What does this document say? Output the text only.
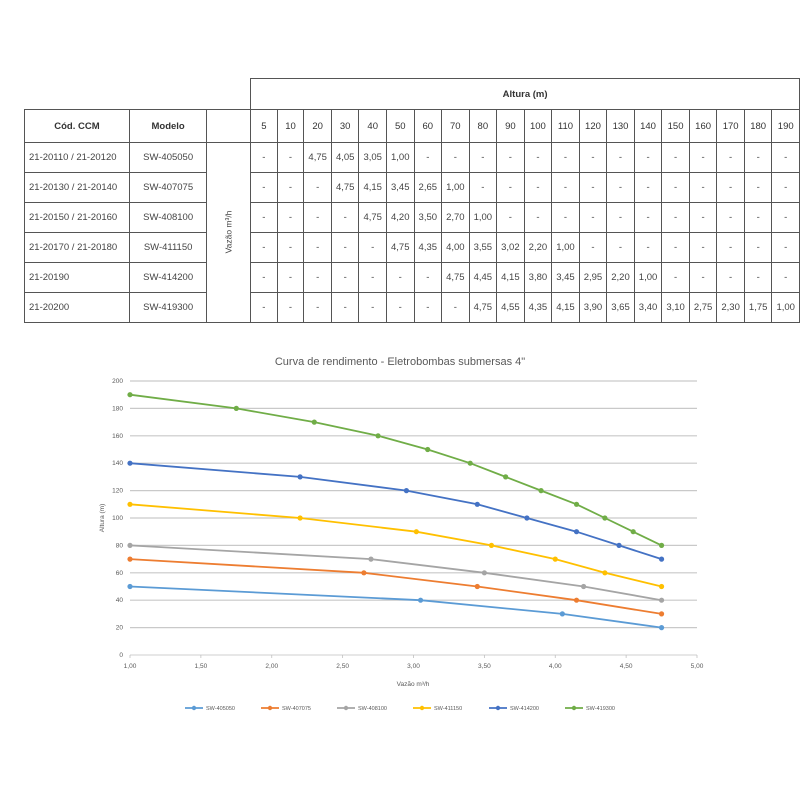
			Altura (m)																			
Cód. CCM	Modelo		5	10	20	30	40	50	60	70	80	90	100	110	120	130	140	150	160	170	180	190
21-20110 / 21-20120	SW-405050	Vazão m³/h	-	-	4,75	4,05	3,05	1,00	-	-	-	-	-	-	-	-	-	-	-	-	-	-
21-20130 / 21-20140	SW-407075		-	-	-	4,75	4,15	3,45	2,65	1,00	-	-	-	-	-	-	-	-	-	-	-	-
21-20150 / 21-20160	SW-408100		-	-	-	-	4,75	4,20	3,50	2,70	1,00	-	-	-	-	-	-	-	-	-	-	-
21-20170 / 21-20180	SW-411150		-	-	-	-	-	4,75	4,35	4,00	3,55	3,02	2,20	1,00	-	-	-	-	-	-	-	-
21-20190	SW-414200		-	-	-	-	-	-	-	4,75	4,45	4,15	3,80	3,45	2,95	2,20	1,00	-	-	-	-	-
21-20200	SW-419300		-	-	-	-	-	-	-	-	4,75	4,55	4,35	4,15	3,90	3,65	3,40	3,10	2,75	2,30	1,75	1,00
Curva de rendimento - Eletrobombas submersas 4"
0
20
40
60
80
100
120
140
160
180
200
1,00	1,50	2,00	2,50	3,00	3,50	4,00	4,50	5,00
SW-405050	SW-407075	SW-408100	SW-411150	SW-414200	SW-419300
Vazão m³/h
Altura (m)
